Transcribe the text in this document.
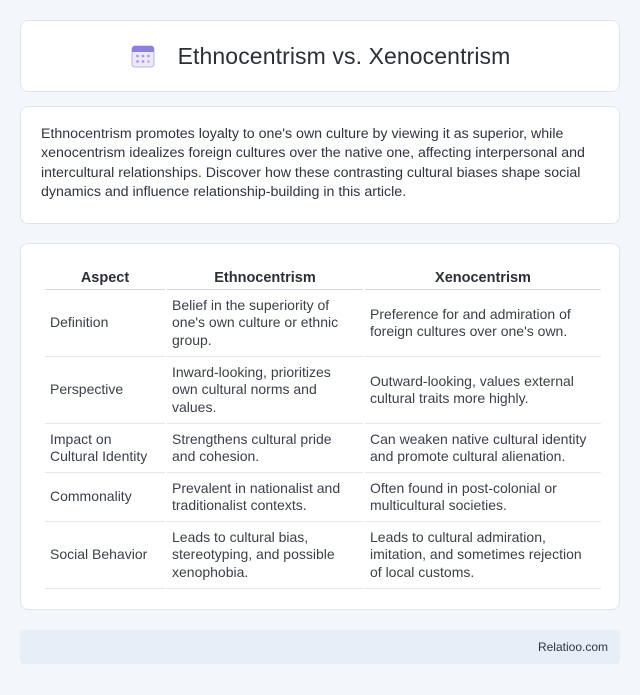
Ethnocentrism vs. Xenocentrism

Ethnocentrism promotes loyalty to one's own culture by viewing it as superior, while xenocentrism idealizes foreign cultures over the native one, affecting interpersonal and intercultural relationships. Discover how these contrasting cultural biases shape social dynamics and influence relationship-building in this article.

Aspect	Ethnocentrism	Xenocentrism
Definition	Belief in the superiority of one's own culture or ethnic group.	Preference for and admiration of foreign cultures over one's own.
Perspective	Inward-looking, prioritizes own cultural norms and values.	Outward-looking, values external cultural traits more highly.
Impact on Cultural Identity	Strengthens cultural pride and cohesion.	Can weaken native cultural identity and promote cultural alienation.
Commonality	Prevalent in nationalist and traditionalist contexts.	Often found in post-colonial or multicultural societies.
Social Behavior	Leads to cultural bias, stereotyping, and possible xenophobia.	Leads to cultural admiration, imitation, and sometimes rejection of local customs.
Relatioo.com
